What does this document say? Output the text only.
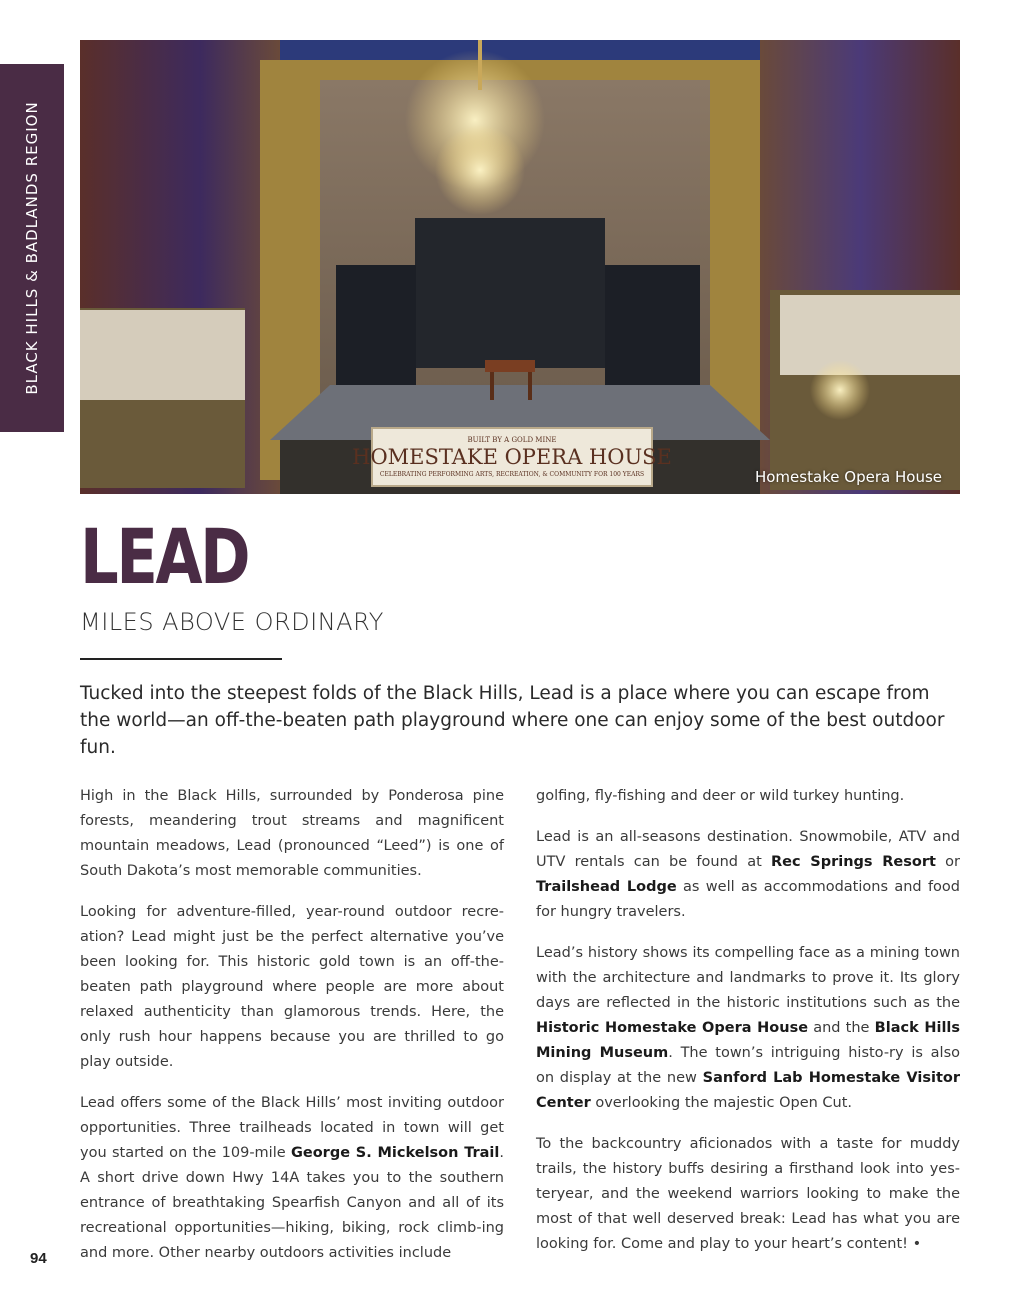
BLACK HILLS & BADLANDS REGION
BUILT BY A GOLD MINE
HOMESTAKE OPERA HOUSE
CELEBRATING PERFORMING ARTS, RECREATION, & COMMUNITY FOR 100 YEARS	Homestake Opera House
LEAD
MILES ABOVE ORDINARY
Tucked into the steepest folds of the Black Hills, Lead is a place where you can escape from the world—an off-the-beaten path playground where one can enjoy some of the best outdoor fun.

High in the Black Hills, surrounded by Ponderosa pine forests, meandering trout streams and magnificent mountain meadows, Lead (pronounced “Leed”) is one of South Dakota’s most memorable communities.

Looking for adventure-filled, year-round outdoor recre-ation? Lead might just be the perfect alternative you’ve been looking for. This historic gold town is an off-the-beaten path playground where people are more about relaxed authenticity than glamorous trends. Here, the only rush hour happens because you are thrilled to go play outside.

Lead offers some of the Black Hills’ most inviting outdoor opportunities. Three trailheads located in town will get you started on the 109-mile George S. Mickelson Trail. A short drive down Hwy 14A takes you to the southern entrance of breathtaking Spearfish Canyon and all of its recreational opportunities—hiking, biking, rock climb-ing and more. Other nearby outdoors activities include

golfing, fly-fishing and deer or wild turkey hunting.

Lead is an all-seasons destination. Snowmobile, ATV and UTV rentals can be found at Rec Springs Resort or Trailshead Lodge as well as accommodations and food for hungry travelers.

Lead’s history shows its compelling face as a mining town with the architecture and landmarks to prove it. Its glory days are reflected in the historic institutions such as the Historic Homestake Opera House and the Black Hills Mining Museum. The town’s intriguing histo-ry is also on display at the new Sanford Lab Homestake Visitor Center overlooking the majestic Open Cut.

To the backcountry aficionados with a taste for muddy trails, the history buffs desiring a firsthand look into yes-teryear, and the weekend warriors looking to make the most of that well deserved break: Lead has what you are looking for. Come and play to your heart’s content! •

94
